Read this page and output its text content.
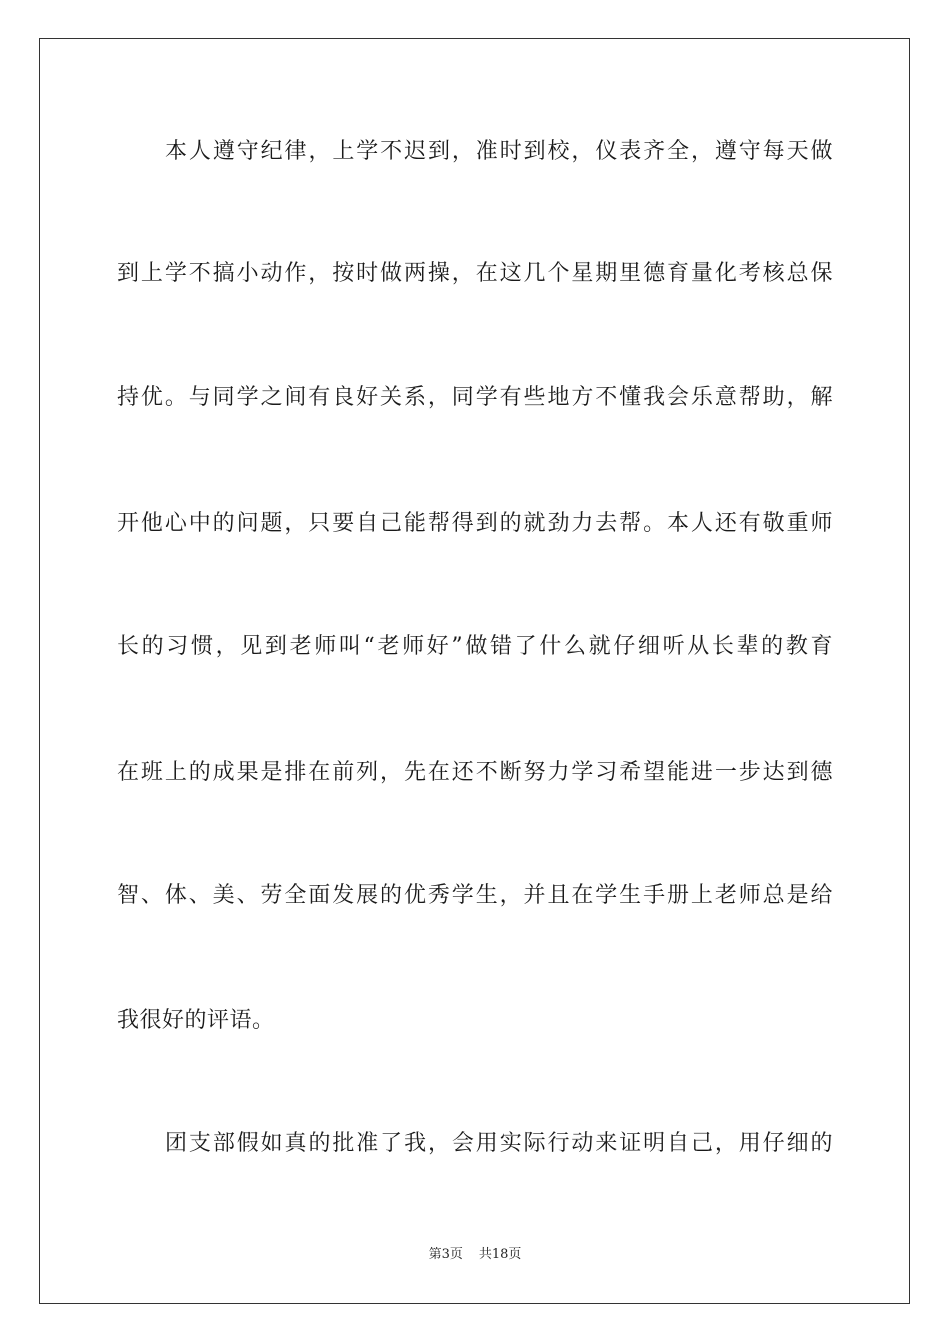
本人遵守纪律，上学不迟到，准时到校，仪表齐全，遵守每天做
到上学不搞小动作，按时做两操，在这几个星期里德育量化考核总保
持优。与同学之间有良好关系，同学有些地方不懂我会乐意帮助，解
开他心中的问题，只要自己能帮得到的就劲力去帮。本人还有敬重师
长的习惯，见到老师叫“老师好”做错了什么就仔细听从长辈的教育
在班上的成果是排在前列，先在还不断努力学习希望能进一步达到德
智、体、美、劳全面发展的优秀学生，并且在学生手册上老师总是给
我很好的评语。
团支部假如真的批准了我，会用实际行动来证明自己，用仔细的
第3页 共18页
